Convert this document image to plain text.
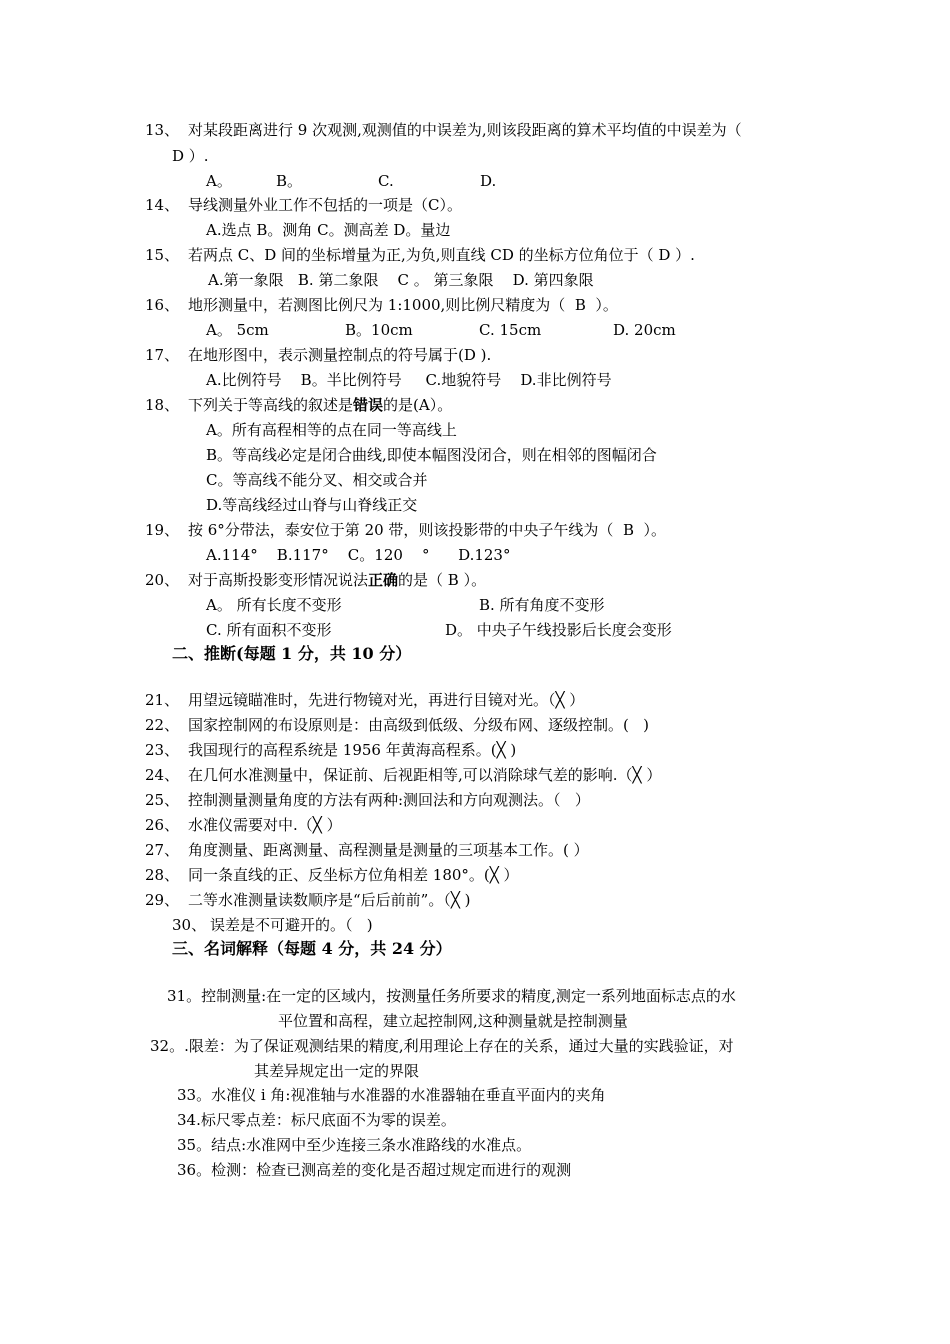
13、 对某段距离进行 9 次观测,观测值的中误差为,则该段距离的算术平均值的中误差为（
D ）.
A。	B。	C.	D.
14、 导线测量外业工作不包括的一项是（C）。
A.选点 B。测角 C。测高差 D。量边
15、 若两点 C、D 间的坐标增量为正,为负,则直线 CD 的坐标方位角位于（ D ）.
A.第一象限   B. 第二象限    C 。 第三象限    D. 第四象限
16、 地形测量中，若测图比例尺为 1:1000,则比例尺精度为（  B  ）。
A。 5cm	B。10cm	C. 15cm	D. 20cm
17、 在地形图中，表示测量控制点的符号属于(D ).
A.比例符号    B。半比例符号     C.地貌符号    D.非比例符号
18、 下列关于等高线的叙述是错误的是(A）。
A。所有高程相等的点在同一等高线上
B。等高线必定是闭合曲线,即使本幅图没闭合，则在相邻的图幅闭合
C。等高线不能分叉、相交或合并
D.等高线经过山脊与山脊线正交
19、 按 6°分带法，泰安位于第 20 带，则该投影带的中央子午线为（  B  ）。
A.114°    B.117°    C。120    °      D.123°
20、 对于高斯投影变形情况说法正确的是（ B ）。
A。 所有长度不变形	B. 所有角度不变形
C. 所有面积不变形	D。 中央子午线投影后长度会变形
二、推断(每题 1 分，共 10 分）
21、 用望远镜瞄准时，先进行物镜对光，再进行目镜对光。（╳ ）
22、 国家控制网的布设原则是：由高级到低级、分级布网、逐级控制。(   )
23、 我国现行的高程系统是 1956 年黄海高程系。(╳ )
24、 在几何水准测量中，保证前、后视距相等,可以消除球气差的影响.（╳ ）
25、 控制测量测量角度的方法有两种:测回法和方向观测法。（   ）
26、 水准仪需要对中.（╳ ）
27、 角度测量、距离测量、高程测量是测量的三项基本工作。( ）
28、 同一条直线的正、反坐标方位角相差 180°。(╳ ）
29、 二等水准测量读数顺序是“后后前前”。（╳ )
30、 误差是不可避开的。（   )
三、名词解释（每题 4 分，共 24 分）
31。控制测量:在一定的区域内，按测量任务所要求的精度,测定一系列地面标志点的水
平位置和高程，建立起控制网,这种测量就是控制测量
32。.限差：为了保证观测结果的精度,利用理论上存在的关系，通过大量的实践验证，对
其差异规定出一定的界限
33。水准仪 i 角:视准轴与水准器的水准器轴在垂直平面内的夹角
34.标尺零点差：标尺底面不为零的误差。
35。结点:水准网中至少连接三条水准路线的水准点。
36。检测：检查已测高差的变化是否超过规定而进行的观测
